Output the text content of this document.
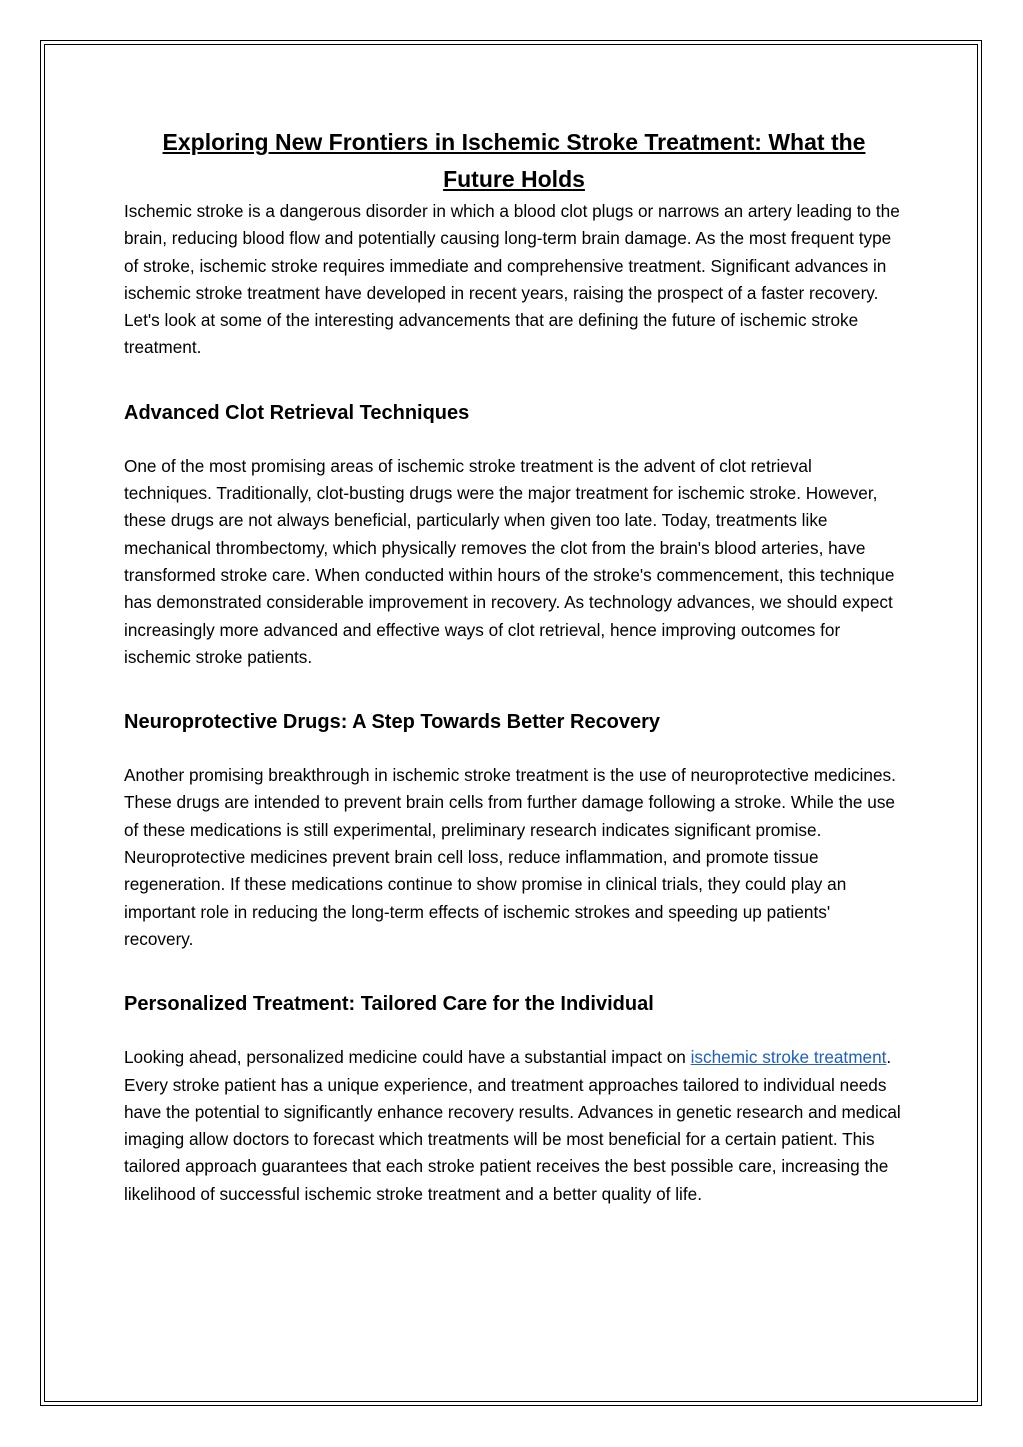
Exploring New Frontiers in Ischemic Stroke Treatment: What the Future Holds

Ischemic stroke is a dangerous disorder in which a blood clot plugs or narrows an artery leading to the brain, reducing blood flow and potentially causing long-term brain damage. As the most frequent type of stroke, ischemic stroke requires immediate and comprehensive treatment. Significant advances in ischemic stroke treatment have developed in recent years, raising the prospect of a faster recovery. Let's look at some of the interesting advancements that are defining the future of ischemic stroke treatment.

Advanced Clot Retrieval Techniques

One of the most promising areas of ischemic stroke treatment is the advent of clot retrieval techniques. Traditionally, clot-busting drugs were the major treatment for ischemic stroke. However, these drugs are not always beneficial, particularly when given too late. Today, treatments like mechanical thrombectomy, which physically removes the clot from the brain's blood arteries, have transformed stroke care. When conducted within hours of the stroke's commencement, this technique has demonstrated considerable improvement in recovery. As technology advances, we should expect increasingly more advanced and effective ways of clot retrieval, hence improving outcomes for ischemic stroke patients.

Neuroprotective Drugs: A Step Towards Better Recovery

Another promising breakthrough in ischemic stroke treatment is the use of neuroprotective medicines. These drugs are intended to prevent brain cells from further damage following a stroke. While the use of these medications is still experimental, preliminary research indicates significant promise. Neuroprotective medicines prevent brain cell loss, reduce inflammation, and promote tissue regeneration. If these medications continue to show promise in clinical trials, they could play an important role in reducing the long-term effects of ischemic strokes and speeding up patients' recovery.

Personalized Treatment: Tailored Care for the Individual

Looking ahead, personalized medicine could have a substantial impact on ischemic stroke treatment. Every stroke patient has a unique experience, and treatment approaches tailored to individual needs have the potential to significantly enhance recovery results. Advances in genetic research and medical imaging allow doctors to forecast which treatments will be most beneficial for a certain patient. This tailored approach guarantees that each stroke patient receives the best possible care, increasing the likelihood of successful ischemic stroke treatment and a better quality of life.
